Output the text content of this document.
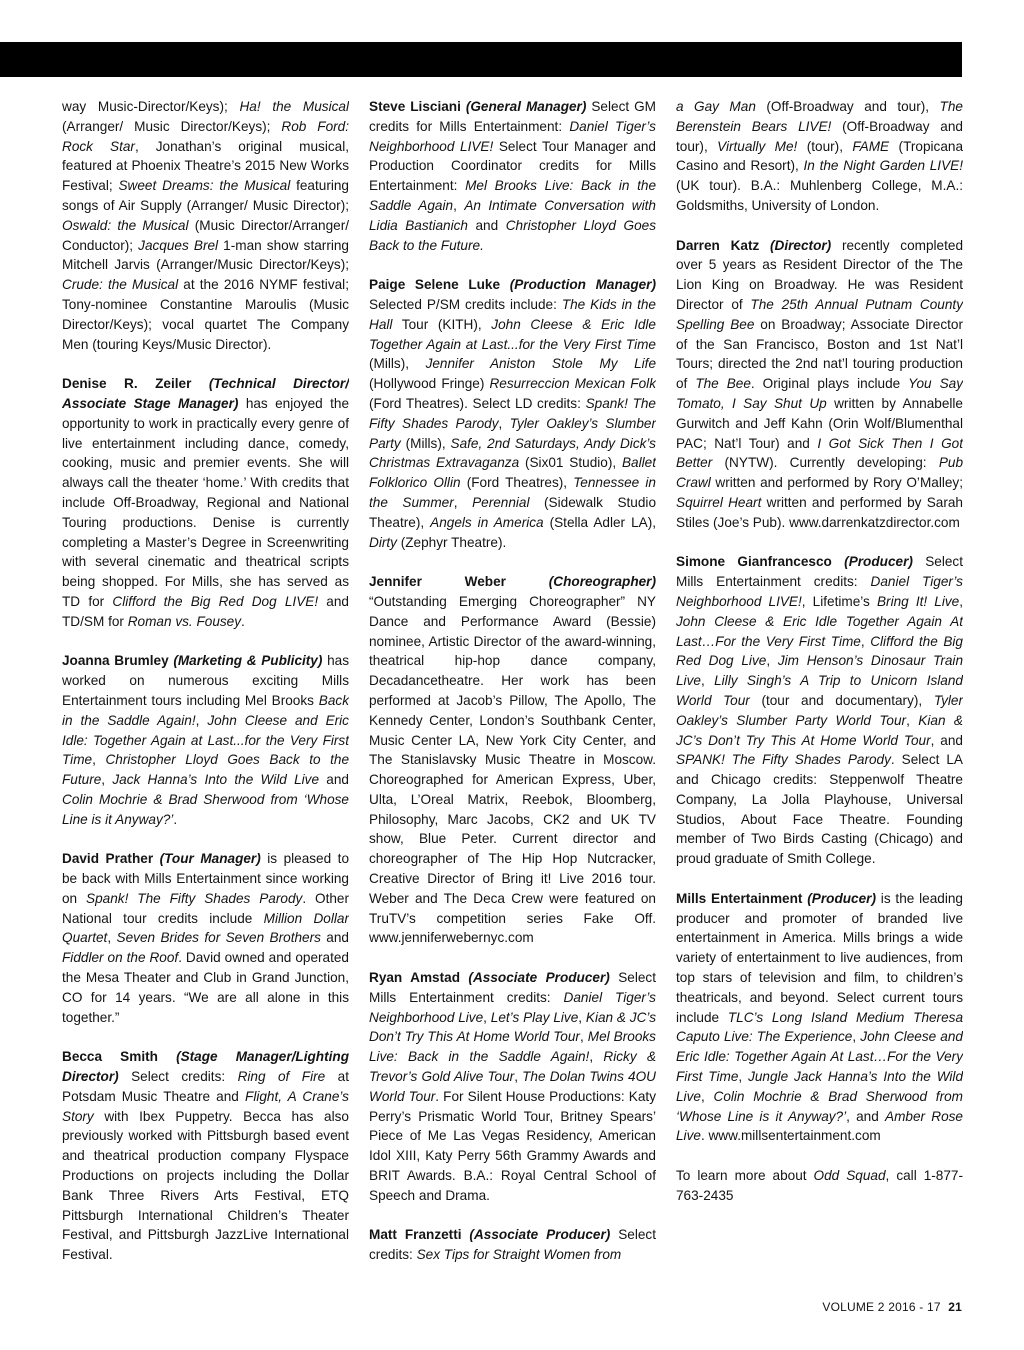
way Music-Director/Keys); Ha! the Musical (Arranger/ Music Director/Keys); Rob Ford: Rock Star, Jonathan’s original musical, featured at Phoenix Theatre’s 2015 New Works Festival; Sweet Dreams: the Musical featuring songs of Air Supply (Arranger/ Music Director); Oswald: the Musical (Music Director/Arranger/ Conductor); Jacques Brel 1-man show starring Mitchell Jarvis (Arranger/Music Director/Keys); Crude: the Musical at the 2016 NYMF festival; Tony-nominee Constantine Maroulis (Music Director/Keys); vocal quartet The Company Men (touring Keys/Music Director).

Denise R. Zeiler (Technical Director/ Associate Stage Manager) has enjoyed the opportunity to work in practically every genre of live entertainment including dance, comedy, cooking, music and premier events. She will always call the theater ‘home.’ With credits that include Off-Broadway, Regional and National Touring productions. Denise is currently completing a Master’s Degree in Screenwriting with several cinematic and theatrical scripts being shopped. For Mills, she has served as TD for Clifford the Big Red Dog LIVE! and TD/SM for Roman vs. Fousey.

Joanna Brumley (Marketing & Publicity) has worked on numerous exciting Mills Entertainment tours including Mel Brooks Back in the Saddle Again!, John Cleese and Eric Idle: Together Again at Last...for the Very First Time, Christopher Lloyd Goes Back to the Future, Jack Hanna’s Into the Wild Live and Colin Mochrie & Brad Sherwood from ‘Whose Line is it Anyway?’.

David Prather (Tour Manager) is pleased to be back with Mills Entertainment since working on Spank! The Fifty Shades Parody. Other National tour credits include Million Dollar Quartet, Seven Brides for Seven Brothers and Fiddler on the Roof. David owned and operated the Mesa Theater and Club in Grand Junction, CO for 14 years. “We are all alone in this together.”

Becca Smith (Stage Manager/Lighting Director) Select credits: Ring of Fire at Potsdam Music Theatre and Flight, A Crane’s Story with Ibex Puppetry. Becca has also previously worked with Pittsburgh based event and theatrical production company Flyspace Productions on projects including the Dollar Bank Three Rivers Arts Festival, ETQ Pittsburgh International Children’s Theater Festival, and Pittsburgh JazzLive International Festival.

Steve Lisciani (General Manager) Select GM credits for Mills Entertainment: Daniel Tiger’s Neighborhood LIVE! Select Tour Manager and Production Coordinator credits for Mills Entertainment: Mel Brooks Live: Back in the Saddle Again, An Intimate Conversation with Lidia Bastianich and Christopher Lloyd Goes Back to the Future.

Paige Selene Luke (Production Manager) Selected P/SM credits include: The Kids in the Hall Tour (KITH), John Cleese & Eric Idle Together Again at Last...for the Very First Time (Mills), Jennifer Aniston Stole My Life (Hollywood Fringe) Resurreccion Mexican Folk (Ford Theatres). Select LD credits: Spank! The Fifty Shades Parody, Tyler Oakley’s Slumber Party (Mills), Safe, 2nd Saturdays, Andy Dick’s Christmas Extravaganza (Six01 Studio), Ballet Folklorico Ollin (Ford Theatres), Tennessee in the Summer, Perennial (Sidewalk Studio Theatre), Angels in America (Stella Adler LA), Dirty (Zephyr Theatre).

Jennifer Weber (Choreographer) “Outstanding Emerging Choreographer” NY Dance and Performance Award (Bessie) nominee, Artistic Director of the award-winning, theatrical hip-hop dance company, Decadancetheatre. Her work has been performed at Jacob’s Pillow, The Apollo, The Kennedy Center, London’s Southbank Center, Music Center LA, New York City Center, and The Stanislavsky Music Theatre in Moscow. Choreographed for American Express, Uber, Ulta, L’Oreal Matrix, Reebok, Bloomberg, Philosophy, Marc Jacobs, CK2 and UK TV show, Blue Peter. Current director and choreographer of The Hip Hop Nutcracker, Creative Director of Bring it! Live 2016 tour. Weber and The Deca Crew were featured on TruTV’s competition series Fake Off. www.jenniferwebernyc.com

Ryan Amstad (Associate Producer) Select Mills Entertainment credits: Daniel Tiger’s Neighborhood Live, Let’s Play Live, Kian & JC’s Don’t Try This At Home World Tour, Mel Brooks Live: Back in the Saddle Again!, Ricky & Trevor’s Gold Alive Tour, The Dolan Twins 4OU World Tour. For Silent House Productions: Katy Perry’s Prismatic World Tour, Britney Spears’ Piece of Me Las Vegas Residency, American Idol XIII, Katy Perry 56th Grammy Awards and BRIT Awards. B.A.: Royal Central School of Speech and Drama.

Matt Franzetti (Associate Producer) Select credits: Sex Tips for Straight Women from

a Gay Man (Off-Broadway and tour), The Berenstein Bears LIVE! (Off-Broadway and tour), Virtually Me! (tour), FAME (Tropicana Casino and Resort), In the Night Garden LIVE! (UK tour). B.A.: Muhlenberg College, M.A.: Goldsmiths, University of London.

Darren Katz (Director) recently completed over 5 years as Resident Director of the The Lion King on Broadway. He was Resident Director of The 25th Annual Putnam County Spelling Bee on Broadway; Associate Director of the San Francisco, Boston and 1st Nat’l Tours; directed the 2nd nat’l touring production of The Bee. Original plays include You Say Tomato, I Say Shut Up written by Annabelle Gurwitch and Jeff Kahn (Orin Wolf/Blumenthal PAC; Nat’l Tour) and I Got Sick Then I Got Better (NYTW). Currently developing: Pub Crawl written and performed by Rory O’Malley; Squirrel Heart written and performed by Sarah Stiles (Joe’s Pub). www.darrenkatzdirector.com

Simone Gianfrancesco (Producer) Select Mills Entertainment credits: Daniel Tiger’s Neighborhood LIVE!, Lifetime’s Bring It! Live, John Cleese & Eric Idle Together Again At Last…For the Very First Time, Clifford the Big Red Dog Live, Jim Henson’s Dinosaur Train Live, Lilly Singh’s A Trip to Unicorn Island World Tour (tour and documentary), Tyler Oakley’s Slumber Party World Tour, Kian & JC’s Don’t Try This At Home World Tour, and SPANK! The Fifty Shades Parody. Select LA and Chicago credits: Steppenwolf Theatre Company, La Jolla Playhouse, Universal Studios, About Face Theatre. Founding member of Two Birds Casting (Chicago) and proud graduate of Smith College.

Mills Entertainment (Producer) is the leading producer and promoter of branded live entertainment in America. Mills brings a wide variety of entertainment to live audiences, from top stars of television and film, to children’s theatricals, and beyond. Select current tours include TLC’s Long Island Medium Theresa Caputo Live: The Experience, John Cleese and Eric Idle: Together Again At Last…For the Very First Time, Jungle Jack Hanna’s Into the Wild Live, Colin Mochrie & Brad Sherwood from ‘Whose Line is it Anyway?’, and Amber Rose Live. www.millsentertainment.com

To learn more about Odd Squad, call 1-877-763-2435

VOLUME 2 2016 - 17 21
